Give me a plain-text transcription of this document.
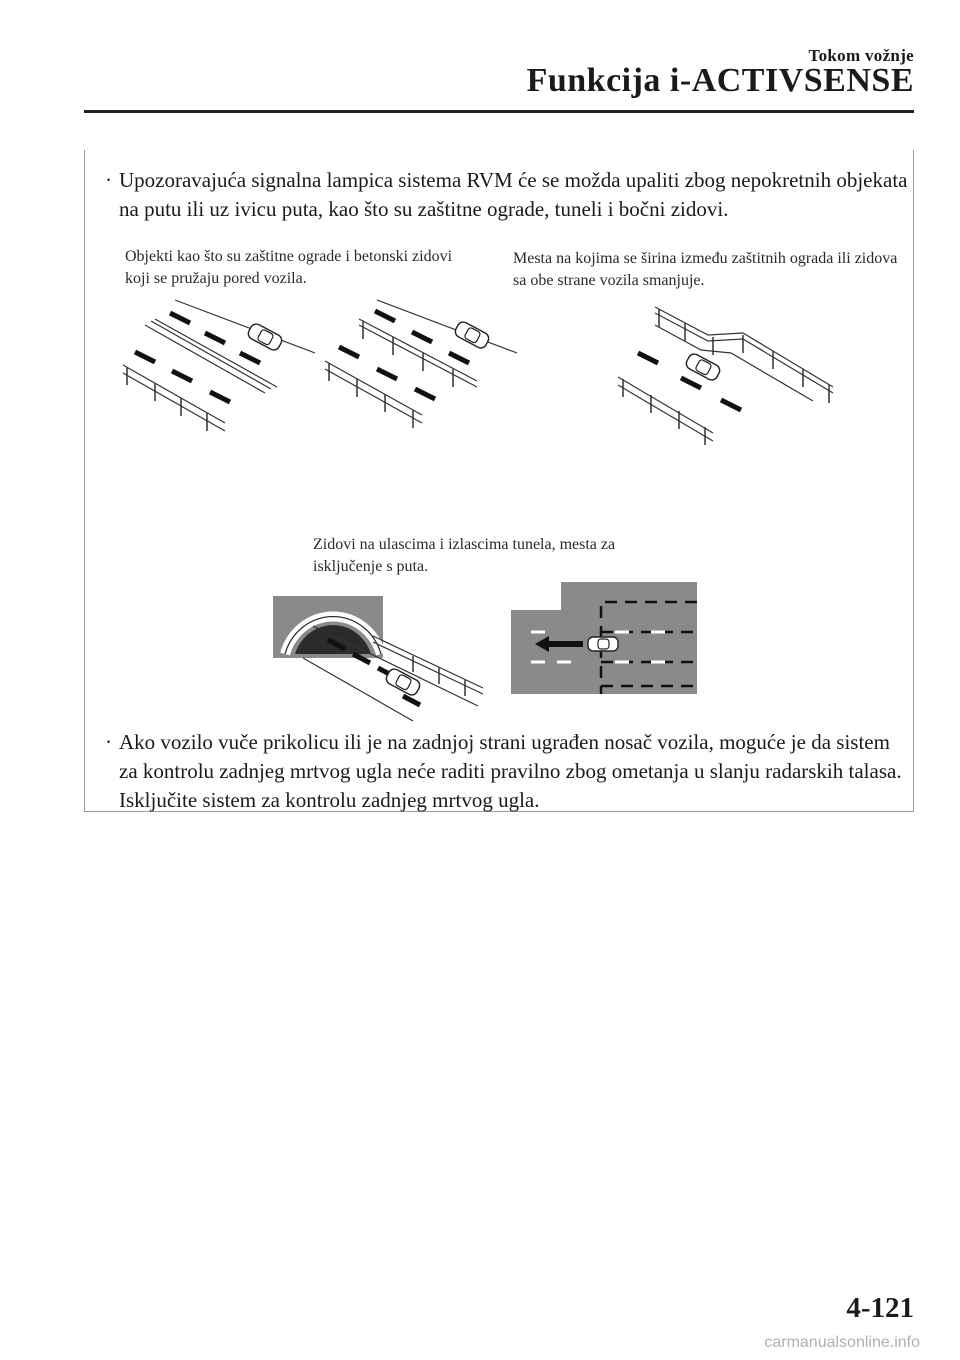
Tokom vožnje
Funkcija i-ACTIVSENSE
· Upozoravajuća signalna lampica sistema RVM će se možda upaliti zbog nepokretnih objekata na putu ili uz ivicu puta, kao što su zaštitne ograde, tuneli i bočni zidovi.
Objekti kao što su zaštitne ograde i betonski zidovi koji se pružaju pored vozila.
Mesta na kojima se širina između zaštitnih ograda ili zidova sa obe strane vozila smanjuje.
Zidovi na ulascima i izlascima tunela, mesta za isključenje s puta.
· Ako vozilo vuče prikolicu ili je na zadnjoj strani ugrađen nosač vozila, moguće je da sistem za kontrolu zadnjeg mrtvog ugla neće raditi pravilno zbog ometanja u slanju radarskih talasa. Isključite sistem za kontrolu zadnjeg mrtvog ugla.
4-121
carmanualsonline.info
